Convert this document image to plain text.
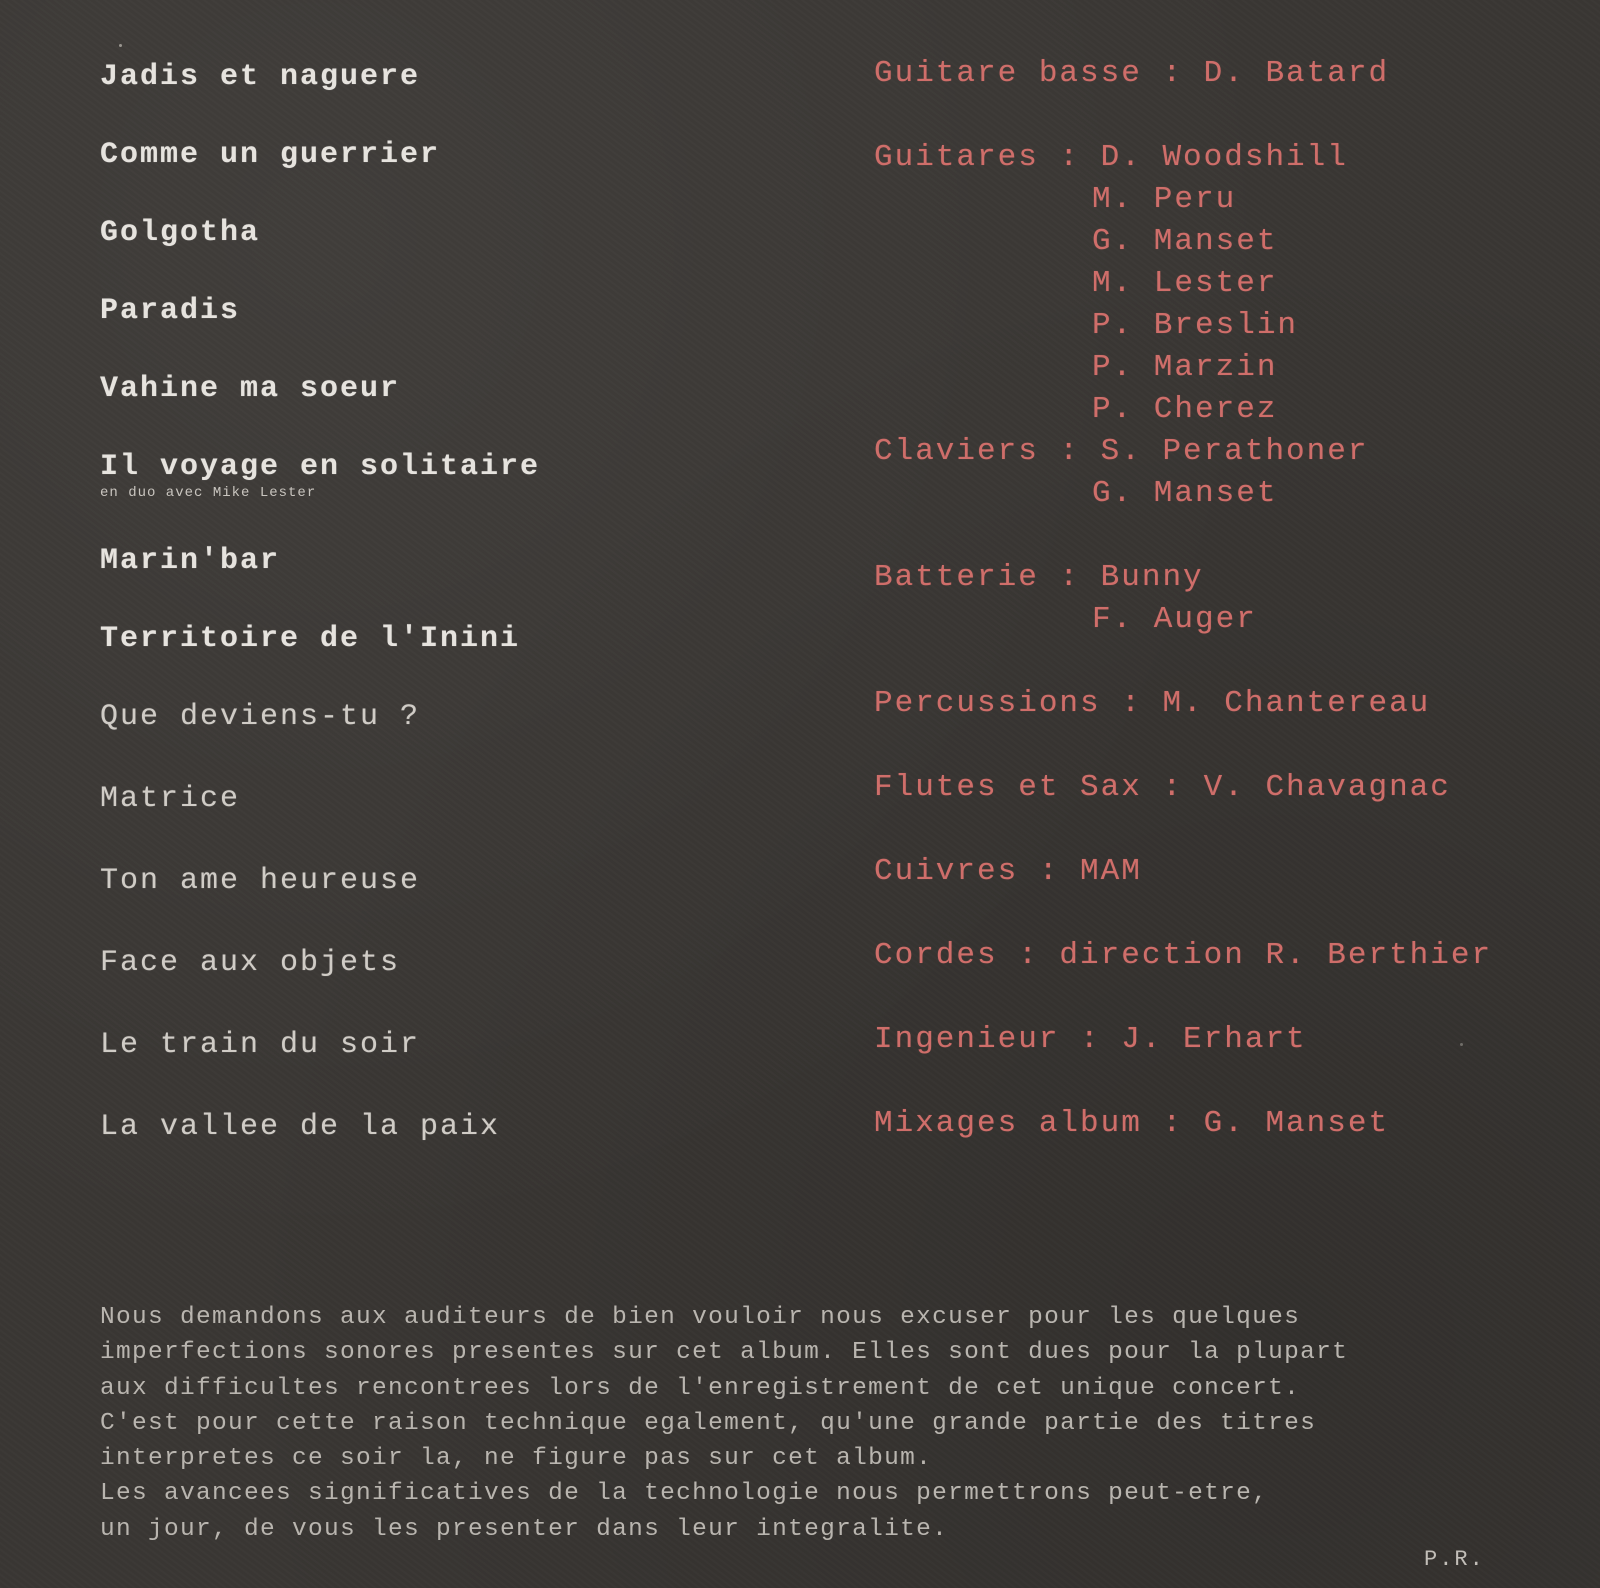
Jadis et naguere
Comme un guerrier
Golgotha
Paradis
Vahine ma soeur
Il voyage en solitaire
en duo avec Mike Lester
Marin'bar
Territoire de l'Inini
Que deviens-tu ?
Matrice
Ton ame heureuse
Face aux objets
Le train du soir
La vallee de la paix
Guitare basse : D. Batard
Guitares : D. Woodshill
M. Peru
G. Manset
M. Lester
P. Breslin
P. Marzin
P. Cherez
Claviers : S. Perathoner
G. Manset
Batterie : Bunny
F. Auger
Percussions : M. Chantereau
Flutes et Sax : V. Chavagnac
Cuivres : MAM
Cordes : direction R. Berthier
Ingenieur : J. Erhart
Mixages album : G. Manset
Nous demandons aux auditeurs de bien vouloir nous excuser pour les quelques
imperfections sonores presentes sur cet album. Elles sont dues pour la plupart
aux difficultes rencontrees lors de l'enregistrement de cet unique concert.
C'est pour cette raison technique egalement, qu'une grande partie des titres
interpretes ce soir la, ne figure pas sur cet album.
Les avancees significatives de la technologie nous permettrons peut-etre,
un jour, de vous les presenter dans leur integralite.
P.R.
